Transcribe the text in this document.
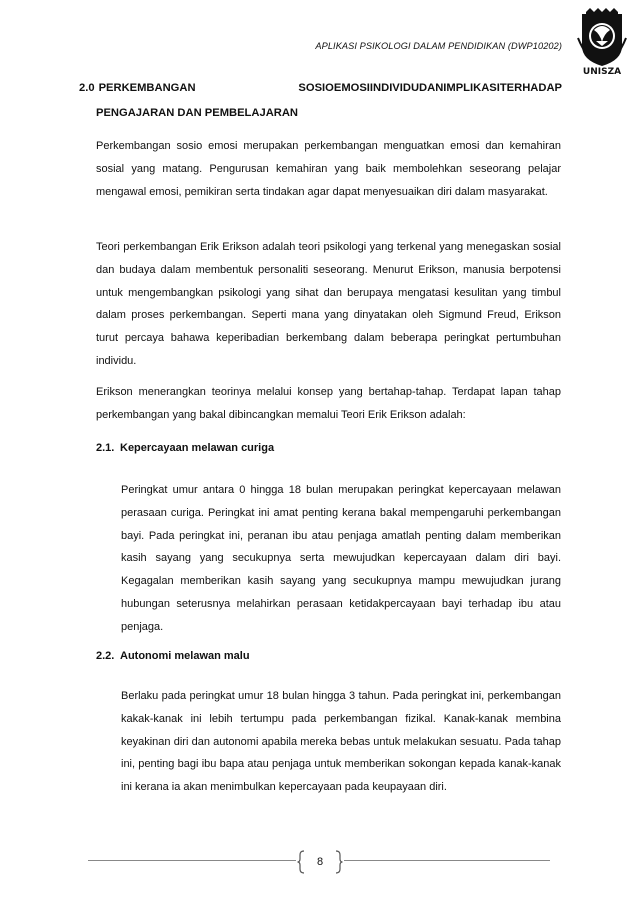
APLIKASI PSIKOLOGI DALAM PENDIDIKAN (DWP10202)
UNISZA
2.0 PERKEMBANGAN	SOSIO EMOSI INDIVIDU DAN IMPLIKASI TERHADAP
PENGAJARAN DAN PEMBELAJARAN

Perkembangan sosio emosi merupakan perkembangan menguatkan emosi dan kemahiran sosial yang matang. Pengurusan kemahiran yang baik membolehkan seseorang pelajar mengawal emosi, pemikiran serta tindakan agar dapat menyesuaikan diri dalam masyarakat.

Teori perkembangan Erik Erikson adalah teori psikologi yang terkenal yang menegaskan sosial dan budaya dalam membentuk personaliti seseorang. Menurut Erikson, manusia berpotensi untuk mengembangkan psikologi yang sihat dan berupaya mengatasi kesulitan yang timbul dalam proses perkembangan. Seperti mana yang dinyatakan oleh Sigmund Freud, Erikson turut percaya bahawa keperibadian berkembang dalam beberapa peringkat pertumbuhan individu.

Erikson menerangkan teorinya melalui konsep yang bertahap-tahap. Terdapat lapan tahap perkembangan yang bakal dibincangkan memalui Teori Erik Erikson adalah:

2.1. Kepercayaan melawan curiga

Peringkat umur antara 0 hingga 18 bulan merupakan peringkat kepercayaan melawan perasaan curiga. Peringkat ini amat penting kerana bakal mempengaruhi perkembangan bayi. Pada peringkat ini, peranan ibu atau penjaga amatlah penting dalam memberikan kasih sayang yang secukupnya serta mewujudkan kepercayaan dalam diri bayi. Kegagalan memberikan kasih sayang yang secukupnya mampu mewujudkan jurang hubungan seterusnya melahirkan perasaan ketidakpercayaan bayi terhadap ibu atau penjaga.

2.2. Autonomi melawan malu

Berlaku pada peringkat umur 18 bulan hingga 3 tahun. Pada peringkat ini, perkembangan kakak-kanak ini lebih tertumpu pada perkembangan fizikal. Kanak-kanak membina keyakinan diri dan autonomi apabila mereka bebas untuk melakukan sesuatu. Pada tahap ini, penting bagi ibu bapa atau penjaga untuk memberikan sokongan kepada kanak-kanak ini kerana ia akan menimbulkan kepercayaan pada keupayaan diri.

8
